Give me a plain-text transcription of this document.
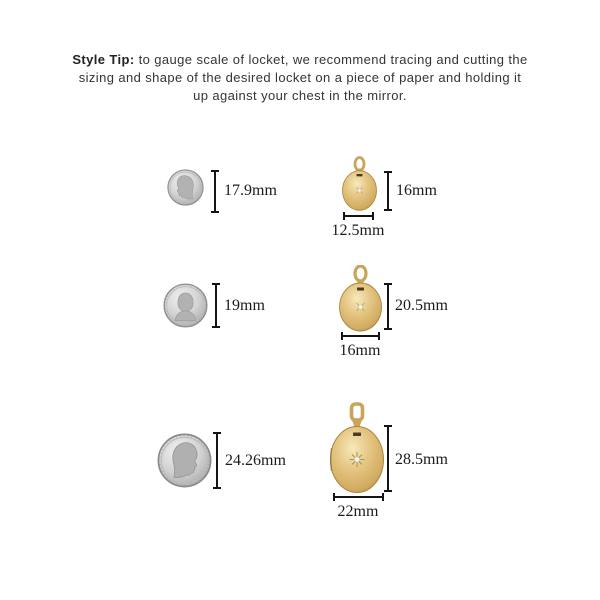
Style Tip: to gauge scale of locket, we recommend tracing and cutting the
sizing and shape of the desired locket on a piece of paper and holding it
up against your chest in the mirror.
17.9mm	16mm
12.5mm
19mm	20.5mm
16mm
24.26mm	28.5mm
22mm
